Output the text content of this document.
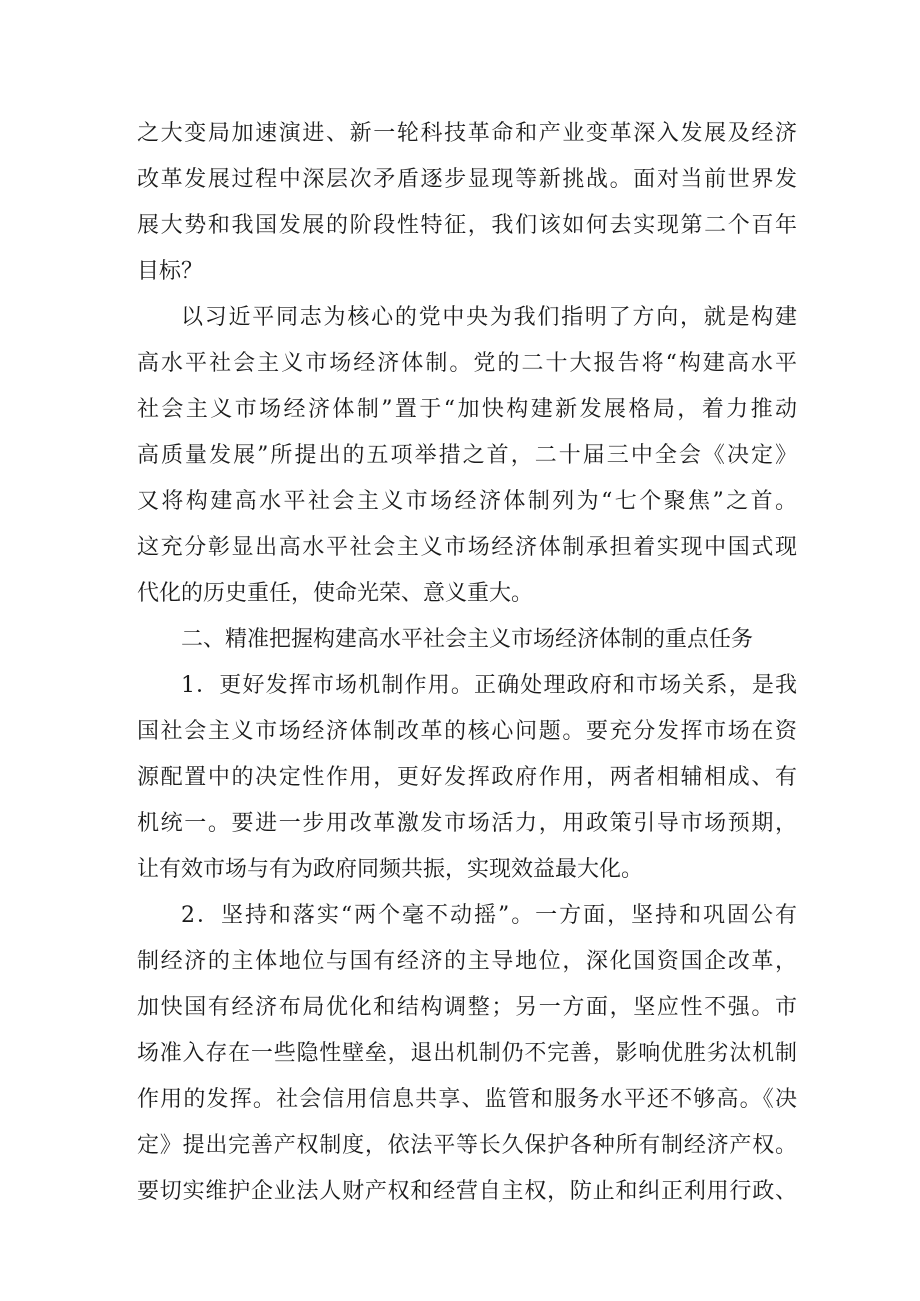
之大变局加速演进、新一轮科技革命和产业变革深入发展及经济
改革发展过程中深层次矛盾逐步显现等新挑战。面对当前世界发
展大势和我国发展的阶段性特征，我们该如何去实现第二个百年
目标？
以习近平同志为核心的党中央为我们指明了方向，就是构建
高水平社会主义市场经济体制。党的二十大报告将“构建高水平
社会主义市场经济体制”置于“加快构建新发展格局，着力推动
高质量发展”所提出的五项举措之首，二十届三中全会《决定》
又将构建高水平社会主义市场经济体制列为“七个聚焦”之首。
这充分彰显出高水平社会主义市场经济体制承担着实现中国式现
代化的历史重任，使命光荣、意义重大。
二、精准把握构建高水平社会主义市场经济体制的重点任务
1．更好发挥市场机制作用。正确处理政府和市场关系，是我
国社会主义市场经济体制改革的核心问题。要充分发挥市场在资
源配置中的决定性作用，更好发挥政府作用，两者相辅相成、有
机统一。要进一步用改革激发市场活力，用政策引导市场预期，
让有效市场与有为政府同频共振，实现效益最大化。
2．坚持和落实“两个毫不动摇”。一方面，坚持和巩固公有
制经济的主体地位与国有经济的主导地位，深化国资国企改革，
加快国有经济布局优化和结构调整；另一方面，坚应性不强。市
场准入存在一些隐性壁垒，退出机制仍不完善，影响优胜劣汰机制
作用的发挥。社会信用信息共享、监管和服务水平还不够高。《决
定》提出完善产权制度，依法平等长久保护各种所有制经济产权。
要切实维护企业法人财产权和经营自主权，防止和纠正利用行政、
